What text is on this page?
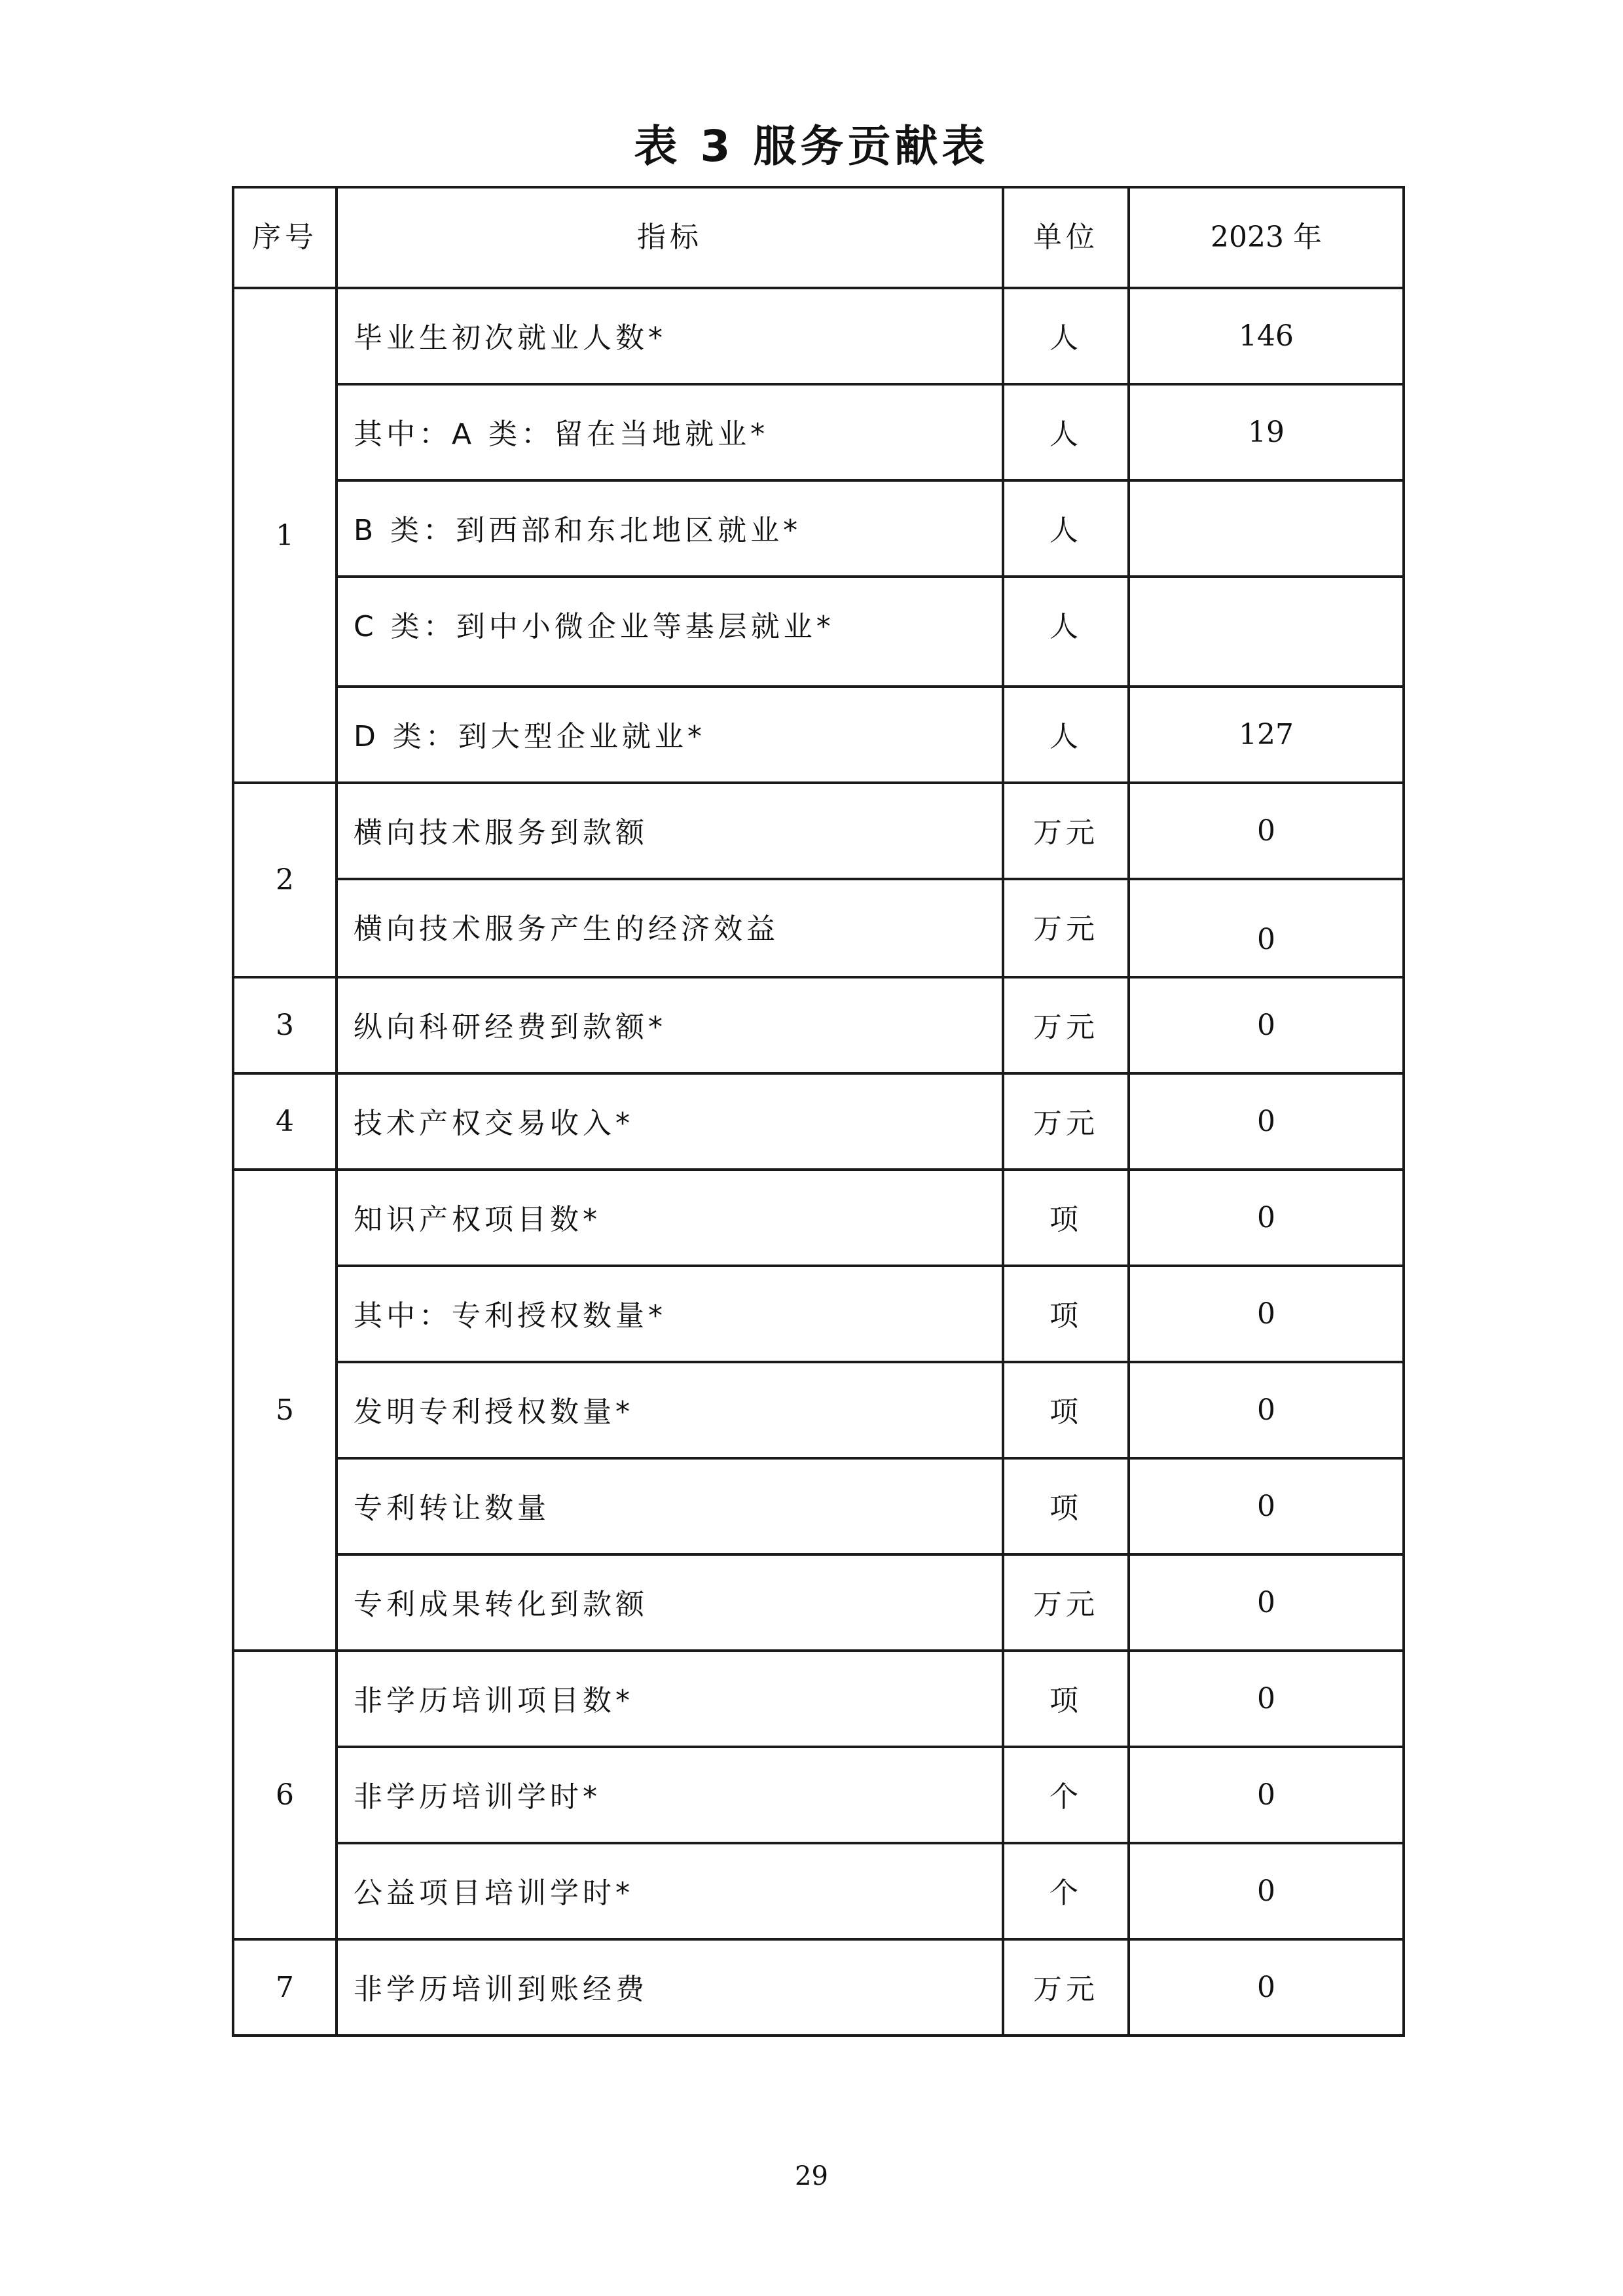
表 3 服务贡献表
序号	指标	单位	2023 年
1	毕业生初次就业人数*	人	146
	其中：A 类：留在当地就业*	人	19
	B 类：到西部和东北地区就业*	人	
	C 类：到中小微企业等基层就业*	人	
	D 类：到大型企业就业*	人	127
2	横向技术服务到款额	万元	0
	横向技术服务产生的经济效益	万元	0
3	纵向科研经费到款额*	万元	0
4	技术产权交易收入*	万元	0
5	知识产权项目数*	项	0
	其中：专利授权数量*	项	0
	发明专利授权数量*	项	0
	专利转让数量	项	0
	专利成果转化到款额	万元	0
6	非学历培训项目数*	项	0
	非学历培训学时*	个	0
	公益项目培训学时*	个	0
7	非学历培训到账经费	万元	0
29
